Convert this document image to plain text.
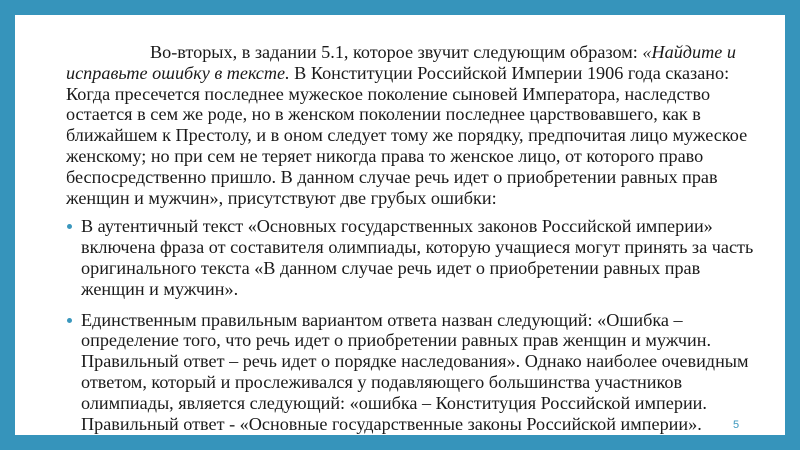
Во-вторых, в задании 5.1, которое звучит следующим образом: «Найдите и
исправьте ошибку в тексте. В Конституции Российской Империи 1906 года сказано:
Когда пресечется последнее мужеское поколение сыновей Императора, наследство
остается в сем же роде, но в женском поколении последнее царствовавшего, как в
ближайшем к Престолу, и в оном следует тому же порядку, предпочитая лицо мужеское
женскому; но при сем не теряет никогда права то женское лицо, от которого право
беспосредственно пришло. В данном случае речь идет о приобретении равных прав
женщин и мужчин», присутствуют две грубых ошибки:

В аутентичный текст «Основных государственных законов Российской империи»
включена фраза от составителя олимпиады, которую учащиеся могут принять за часть
оригинального текста «В данном случае речь идет о приобретении равных прав
женщин и мужчин».
Единственным правильным вариантом ответа назван следующий: «Ошибка –
определение того, что речь идет о приобретении равных прав женщин и мужчин.
Правильный ответ – речь идет о порядке наследования». Однако наиболее очевидным
ответом, который и прослеживался у подавляющего большинства участников
олимпиады, является следующий: «ошибка – Конституция Российской империи.
Правильный ответ - «Основные государственные законы Российской империи».	5
